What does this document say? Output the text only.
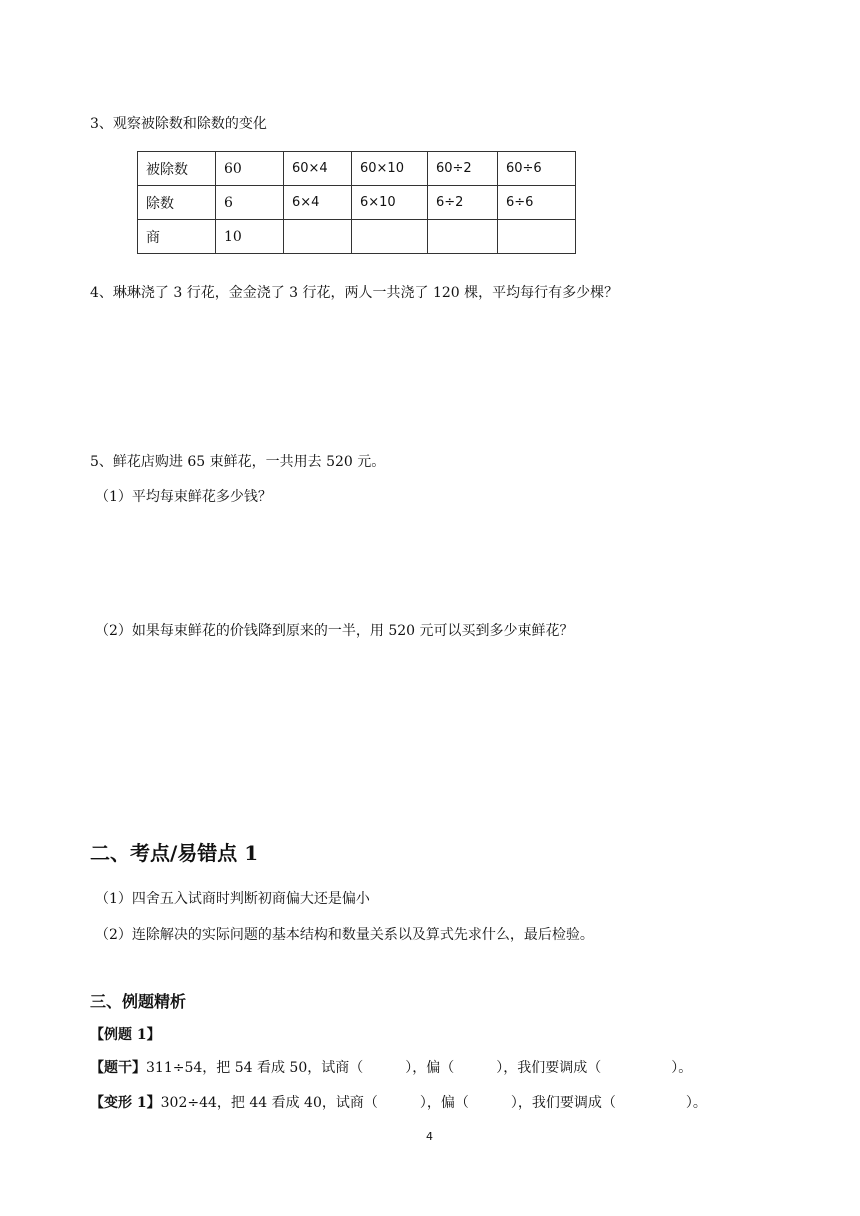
3、观察被除数和除数的变化
被除数	60	60×4	60×10	60÷2	60÷6
除数	6	6×4	6×10	6÷2	6÷6
商	10				
4、琳琳浇了 3 行花，金金浇了 3 行花，两人一共浇了 120 棵，平均每行有多少棵？
5、鲜花店购进 65 束鲜花，一共用去 520 元。
（1）平均每束鲜花多少钱？
（2）如果每束鲜花的价钱降到原来的一半，用 520 元可以买到多少束鲜花？
二、考点/易错点 1
（1）四舍五入试商时判断初商偏大还是偏小
（2）连除解决的实际问题的基本结构和数量关系以及算式先求什么，最后检验。
三、例题精析
【例题 1】
【题干】311÷54，把 54 看成 50，试商（　　　），偏（　　　），我们要调成（　　　　　）。
【变形 1】302÷44，把 44 看成 40，试商（　　　），偏（　　　），我们要调成（　　　　　）。
4
